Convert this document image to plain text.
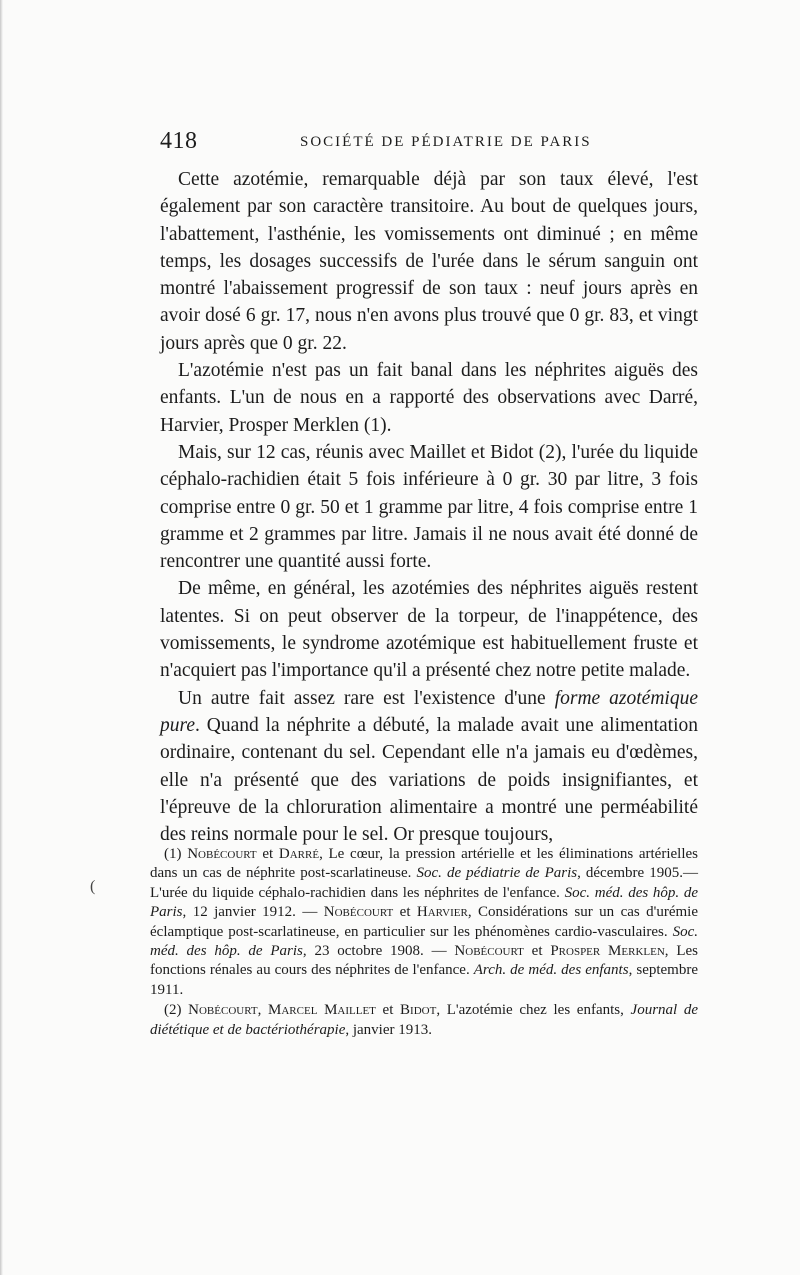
418	SOCIÉTÉ DE PÉDIATRIE DE PARIS

Cette azotémie, remarquable déjà par son taux élevé, l'est également par son caractère transitoire. Au bout de quelques jours, l'abattement, l'asthénie, les vomissements ont diminué ; en même temps, les dosages successifs de l'urée dans le sérum sanguin ont montré l'abaissement progressif de son taux : neuf jours après en avoir dosé 6 gr. 17, nous n'en avons plus trouvé que 0 gr. 83, et vingt jours après que 0 gr. 22.

L'azotémie n'est pas un fait banal dans les néphrites aiguës des enfants. L'un de nous en a rapporté des observations avec Darré, Harvier, Prosper Merklen (1).

Mais, sur 12 cas, réunis avec Maillet et Bidot (2), l'urée du liquide céphalo-rachidien était 5 fois inférieure à 0 gr. 30 par litre, 3 fois comprise entre 0 gr. 50 et 1 gramme par litre, 4 fois comprise entre 1 gramme et 2 grammes par litre. Jamais il ne nous avait été donné de rencontrer une quantité aussi forte.

De même, en général, les azotémies des néphrites aiguës restent latentes. Si on peut observer de la torpeur, de l'inappétence, des vomissements, le syndrome azotémique est habituellement fruste et n'acquiert pas l'importance qu'il a présenté chez notre petite malade.

Un autre fait assez rare est l'existence d'une forme azotémique pure. Quand la néphrite a débuté, la malade avait une alimentation ordinaire, contenant du sel. Cependant elle n'a jamais eu d'œdèmes, elle n'a présenté que des variations de poids insignifiantes, et l'épreuve de la chloruration alimentaire a montré une perméabilité des reins normale pour le sel. Or presque toujours,

(

(1) Nobécourt et Darré, Le cœur, la pression artérielle et les éliminations artérielles dans un cas de néphrite post-scarlatineuse. Soc. de pédiatrie de Paris, décembre 1905.— L'urée du liquide céphalo-rachidien dans les néphrites de l'enfance. Soc. méd. des hôp. de Paris, 12 janvier 1912. — Nobécourt et Harvier, Considérations sur un cas d'urémie éclamptique post-scarlatineuse, en particulier sur les phénomènes cardio-vasculaires. Soc. méd. des hôp. de Paris, 23 octobre 1908. — Nobécourt et Prosper Merklen, Les fonctions rénales au cours des néphrites de l'enfance. Arch. de méd. des enfants, septembre 1911.

(2) Nobécourt, Marcel Maillet et Bidot, L'azotémie chez les enfants, Journal de diététique et de bactériothérapie, janvier 1913.
